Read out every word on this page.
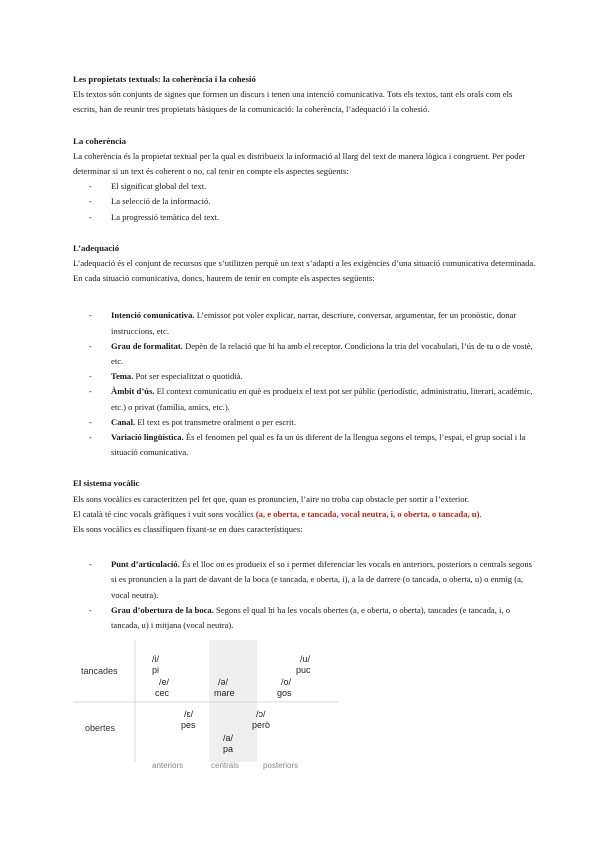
Les propietats textuals: la coherència i la cohesió

Els textos són conjunts de signes que formen un discurs i tenen una intenció comunicativa. Tots els textos, tant els orals com els escrits, han de reunir tres propietats bàsiques de la comunicació: la coherència, l’adequació i la cohesió.

La coherència

La coherència és la propietat textual per la qual es distribueix la informació al llarg del text de manera lògica i congruent. Per poder determinar si un text és coherent o no, cal tenir en compte els aspectes següents:

- El significat global del text.
- La selecció de la informació.
- La progressió temàtica del text.
L’adequació

L’adequació és el conjunt de recursos que s’utilitzen perquè un text s’adapti a les exigències d’una situació comunicativa determinada.

En cada situació comunicativa, doncs, haurem de tenir en compte els aspectes següents:

- Intenció comunicativa. L’emissor pot voler explicar, narrar, descriure, conversar, argumentar, fer un pronòstic, donar instruccions, etc.
- Grau de formalitat. Depèn de la relació que hi ha amb el receptor. Condiciona la tria del vocabulari, l’ús de tu o de vostè, etc.
- Tema. Pot ser especialitzat o quotidià.
- Àmbit d’ús. El context comunicatiu en què es produeix el text pot ser públic (periodístic, administratiu, literari, acadèmic, etc.) o privat (família, amics, etc.).
- Canal. El text es pot transmetre oralment o per escrit.
- Variació lingüística. És el fenomen pel qual es fa un ús diferent de la llengua segons el temps, l’espai, el grup social i la situació comunicativa.
El sistema vocàlic

Els sons vocàlics es caracteritzen pel fet que, quan es pronuncien, l’aire no troba cap obstacle per sortir a l’exterior.

El català té cinc vocals gràfiques i vuit sons vocàlics (a, e oberta, e tancada, vocal neutra, i, o oberta, o tancada, u).

Els sons vocàlics es classifiquen fixant-se en dues característiques:

- Punt d’articulació. És el lloc on es produeix el so i permet diferenciar les vocals en anteriors, posteriors o centrals segons si es pronuncien a la part de davant de la boca (e tancada, e oberta, i), a la de darrere (o tancada, o oberta, u) o enmig (a, vocal neutra).
- Grau d’obertura de la boca. Segons el qual hi ha les vocals obertes (a, e oberta, o oberta), tancades (e tancada, i, o tancada, u) i mitjana (vocal neutra).
tancades
obertes
/i/
pi
/e/
cec
/ə/
mare
/u/
puc
/o/
gos
/ɛ/
pes
/ɔ/
però
/a/
pa
anteriors	centrals	posteriors
